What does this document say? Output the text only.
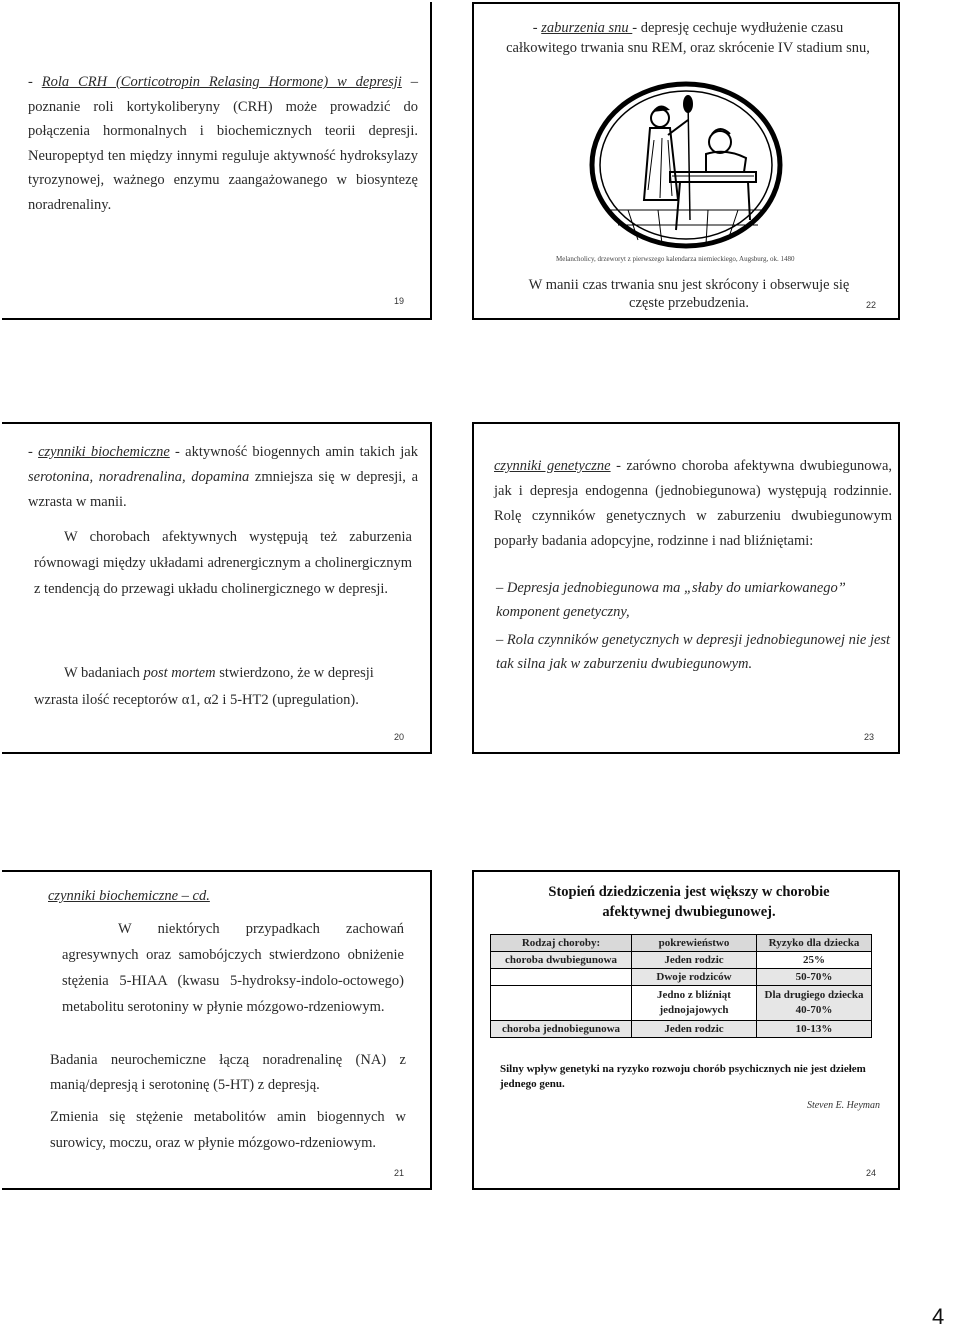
- zaburzenia snu - depresję cechuje wydłużenie czasu
całkowitego trwania snu REM, oraz skrócenie IV stadium snu,
Melancholicy, drzeworyt z pierwszego kalendarza niemieckiego, Augsburg, ok. 1480
W manii czas trwania snu jest skrócony i obserwuje się
częste przebudzenia.	22
- Rola CRH (Corticotropin Relasing Hormone) w depresji – poznanie roli kortykoliberyny (CRH) może prowadzić do połączenia hormonalnych i biochemicznych teorii depresji. Neuropeptyd ten między innymi reguluje aktywność hydroksylazy tyrozynowej, ważnego enzymu zaangażowanego w biosyntezę noradrenaliny.
19
- czynniki biochemiczne - aktywność biogennych amin takich jak serotonina, noradrenalina, dopamina zmniejsza się w depresji, a wzrasta w manii.
W chorobach afektywnych występują też zaburzenia równowagi między układami adrenergicznym a cholinergicznym z tendencją do przewagi układu cholinergicznego w depresji.
W badaniach post mortem stwierdzono, że w depresji
wzrasta ilość receptorów α1, α2 i 5-HT2 (upregulation).
20
czynniki genetyczne - zarówno choroba afektywna dwubiegunowa, jak i depresja endogenna (jednobiegunowa) występują rodzinnie. Rolę czynników genetycznych w zaburzeniu dwubiegunowym poparły badania adopcyjne, rodzinne i nad bliźniętami:
– Depresja jednobiegunowa ma „słaby do umiarkowanego” komponent genetyczny,
– Rola czynników genetycznych w depresji jednobiegunowej nie jest tak silna jak w zaburzeniu dwubiegunowym.
23
czynniki biochemiczne – cd.
W niektórych przypadkach zachowań agresywnych oraz samobójczych stwierdzono obniżenie stężenia 5-HIAA (kwasu 5-hydroksy-indolo-octowego) metabolitu serotoniny w płynie mózgowo-rdzeniowym.
Badania neurochemiczne łączą noradrenalinę (NA) z manią/depresją i serotoninę (5-HT) z depresją.
Zmienia się stężenie metabolitów amin biogennych w surowicy, moczu, oraz w płynie mózgowo-rdzeniowym.
21
Stopień dziedziczenia jest większy w chorobie
afektywnej dwubiegunowej.
Rodzaj choroby:	pokrewieństwo	Ryzyko dla dziecka
choroba dwubiegunowa	Jeden rodzic	25%
	Dwoje rodziców	50-70%
	Jedno z bliźniąt jednojajowych	Dla drugiego dziecka 40-70%
choroba jednobiegunowa	Jeden rodzic	10-13%
Silny wpływ genetyki na ryzyko rozwoju chorób psychicznych nie jest dziełem jednego genu.
Steven E. Heyman
24
4
